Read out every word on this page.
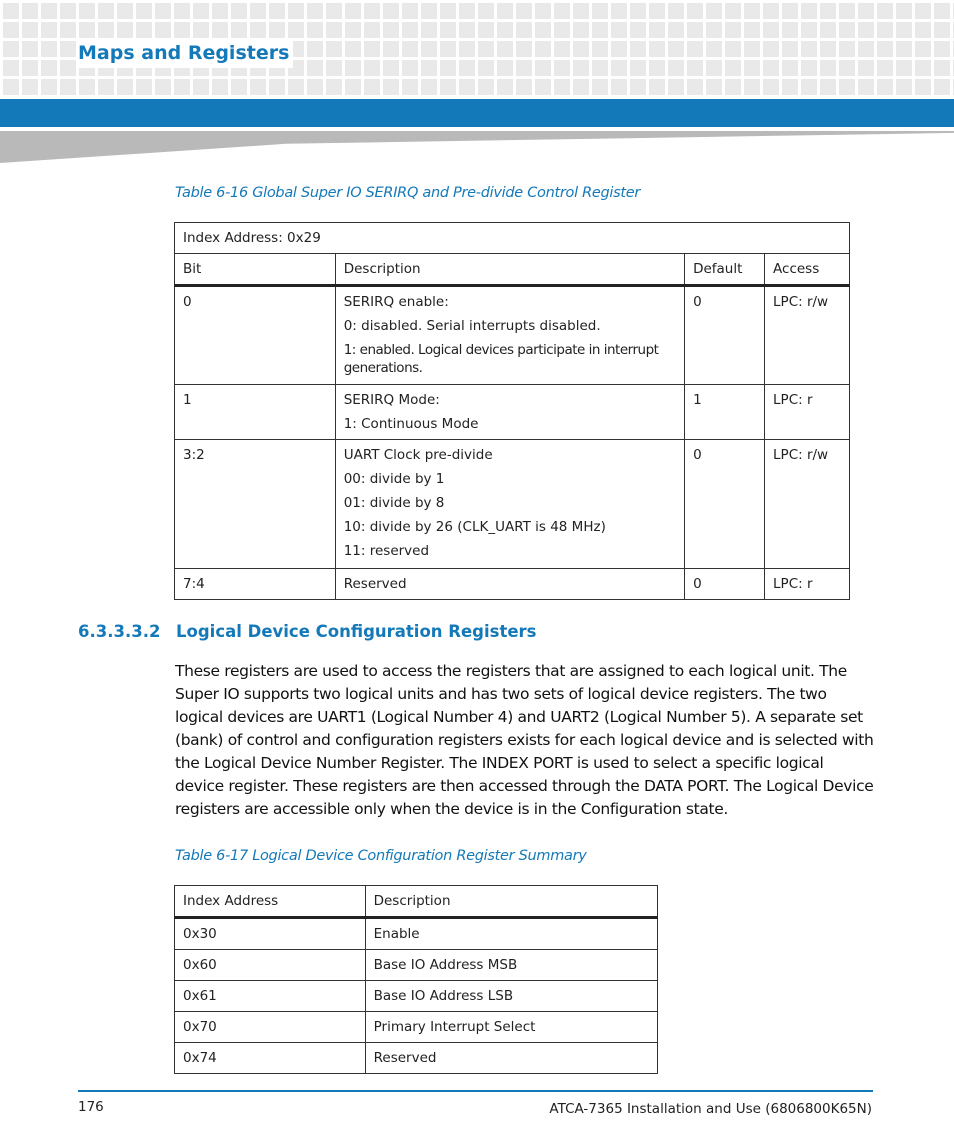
Maps and Registers
Table 6-16 Global Super IO SERIRQ and Pre-divide Control Register
Index Address: 0x29			
Bit	Description	Default	Access
0	SERIRQ enable:

0: disabled. Serial interrupts disabled.

1: enabled. Logical devices participate in interrupt generations.	0	LPC: r/w
1	SERIRQ Mode:

1: Continuous Mode	1	LPC: r
3:2	UART Clock pre-divide

00: divide by 1

01: divide by 8

10: divide by 26 (CLK_UART is 48 MHz)

11: reserved	0	LPC: r/w
7:4	Reserved	0	LPC: r
6.3.3.3.2 Logical Device Configuration Registers
These registers are used to access the registers that are assigned to each logical unit. The Super IO supports two logical units and has two sets of logical device registers. The two logical devices are UART1 (Logical Number 4) and UART2 (Logical Number 5). A separate set (bank) of control and configuration registers exists for each logical device and is selected with the Logical Device Number Register. The INDEX PORT is used to select a specific logical device register. These registers are then accessed through the DATA PORT. The Logical Device registers are accessible only when the device is in the Configuration state.
Table 6-17 Logical Device Configuration Register Summary
Index Address	Description
0x30	Enable
0x60	Base IO Address MSB
0x61	Base IO Address LSB
0x70	Primary Interrupt Select
0x74	Reserved
176	ATCA-7365 Installation and Use (6806800K65N)
